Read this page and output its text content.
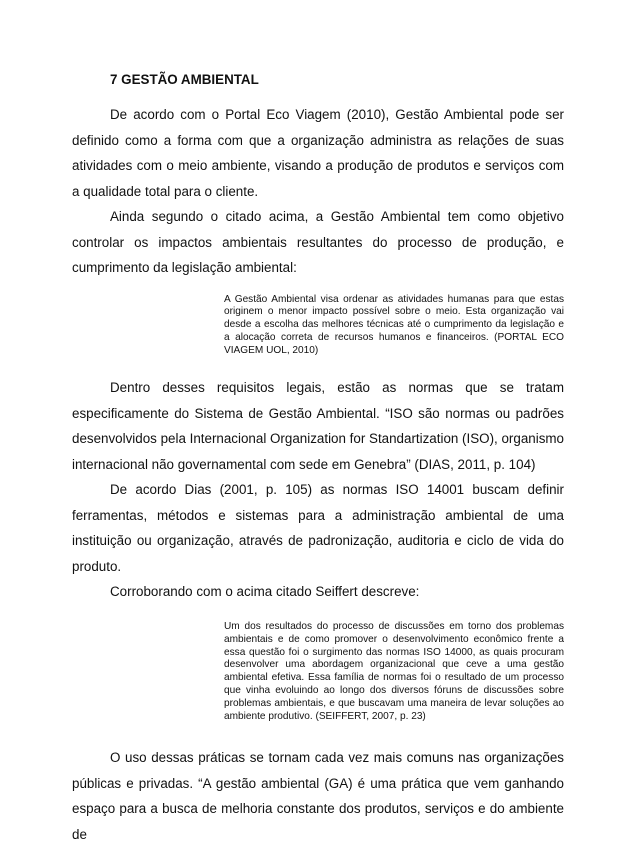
7 GESTÃO AMBIENTAL

De acordo com o Portal Eco Viagem (2010), Gestão Ambiental pode ser definido como a forma com que a organização administra as relações de suas atividades com o meio ambiente, visando a produção de produtos e serviços com a qualidade total para o cliente.

Ainda segundo o citado acima, a Gestão Ambiental tem como objetivo controlar os impactos ambientais resultantes do processo de produção, e cumprimento da legislação ambiental:

A Gestão Ambiental visa ordenar as atividades humanas para que estas originem o menor impacto possível sobre o meio. Esta organização vai desde a escolha das melhores técnicas até o cumprimento da legislação e a alocação correta de recursos humanos e financeiros. (PORTAL ECO VIAGEM UOL, 2010)

Dentro desses requisitos legais, estão as normas que se tratam especificamente do Sistema de Gestão Ambiental. “ISO são normas ou padrões desenvolvidos pela Internacional Organization for Standartization (ISO), organismo internacional não governamental com sede em Genebra” (DIAS, 2011, p. 104)

De acordo Dias (2001, p. 105) as normas ISO 14001 buscam definir ferramentas, métodos e sistemas para a administração ambiental de uma instituição ou organização, através de padronização, auditoria e ciclo de vida do produto.

Corroborando com o acima citado Seiffert descreve:

Um dos resultados do processo de discussões em torno dos problemas ambientais e de como promover o desenvolvimento econômico frente a essa questão foi o surgimento das normas ISO 14000, as quais procuram desenvolver uma abordagem organizacional que ceve a uma gestão ambiental efetiva. Essa família de normas foi o resultado de um processo que vinha evoluindo ao longo dos diversos fóruns de discussões sobre problemas ambientais, e que buscavam uma maneira de levar soluções ao ambiente produtivo. (SEIFFERT, 2007, p. 23)

O uso dessas práticas se tornam cada vez mais comuns nas organizações públicas e privadas. “A gestão ambiental (GA) é uma prática que vem ganhando espaço para a busca de melhoria constante dos produtos, serviços e do ambiente de
